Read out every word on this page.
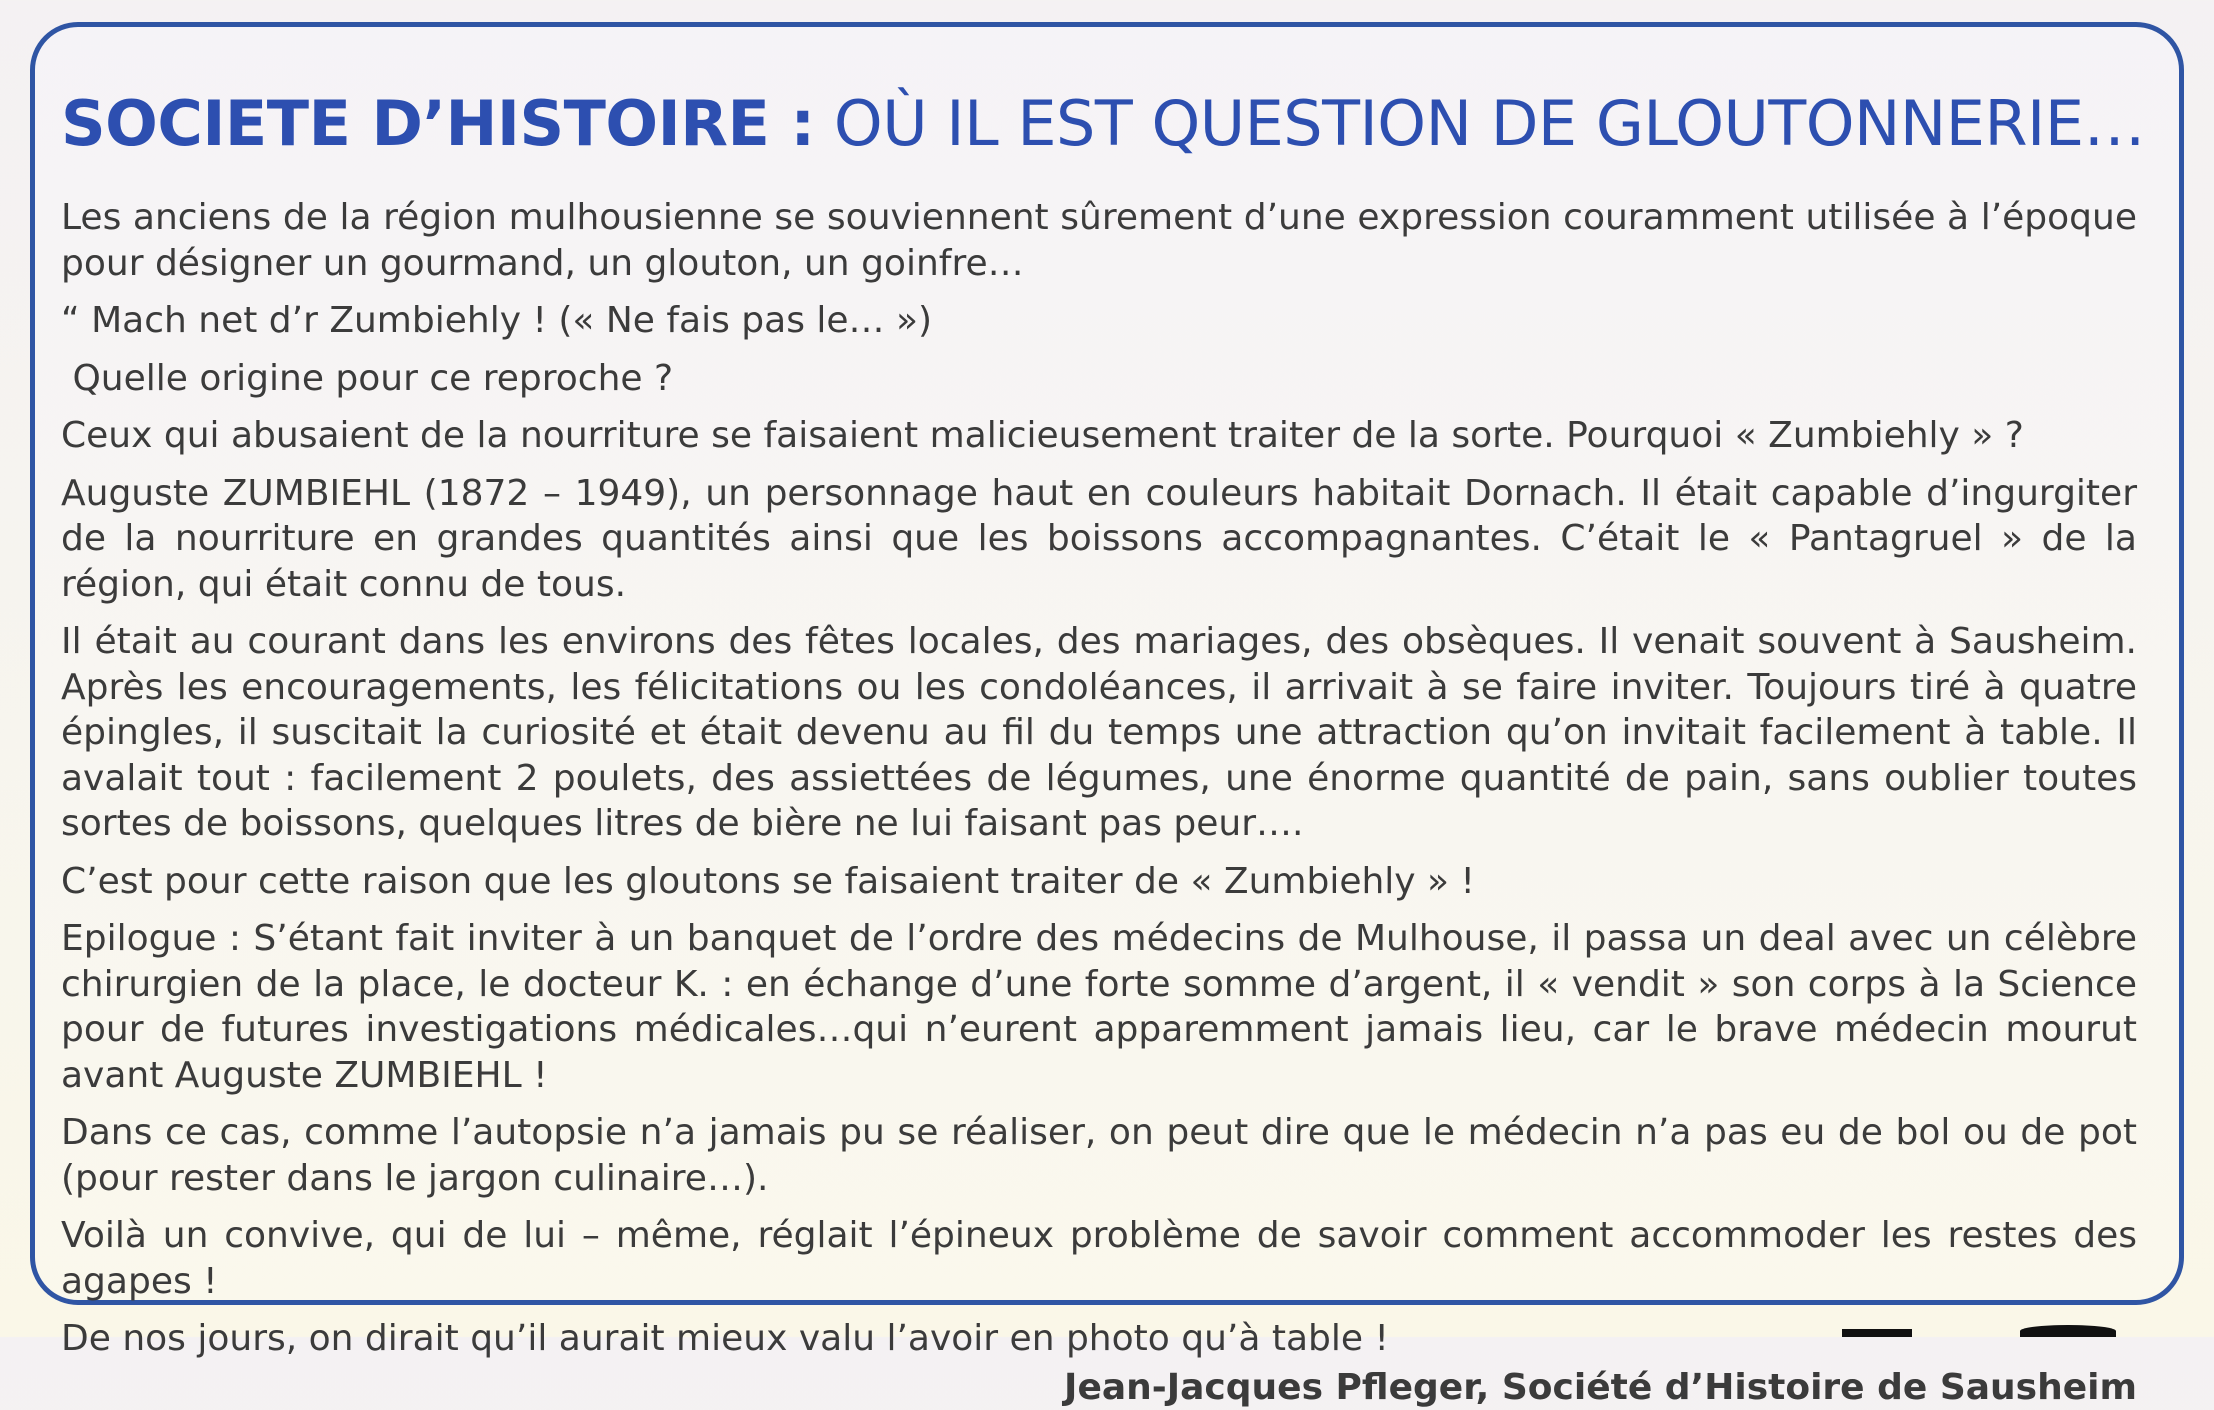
SOCIETE D’HISTOIRE : OÙ IL EST QUESTION DE GLOUTONNERIE…

Les anciens de la région mulhousienne se souviennent sûrement d’une expression couramment utilisée à l’époque pour désigner un gourmand, un glouton, un goinfre…

“ Mach net d’r Zumbiehly ! (« Ne fais pas le… »)

Quelle origine pour ce reproche ?

Ceux qui abusaient de la nourriture se faisaient malicieusement traiter de la sorte. Pourquoi « Zumbiehly » ?

Auguste ZUMBIEHL (1872 – 1949), un personnage haut en couleurs habitait Dornach. Il était capable d’ingurgiter de la nourriture en grandes quantités ainsi que les boissons accompagnantes. C’était le « Pantagruel » de la région, qui était connu de tous.

Il était au courant dans les environs des fêtes locales, des mariages, des obsèques. Il venait souvent à Sausheim. Après les encouragements, les félicitations ou les condoléances, il arrivait à se faire inviter. Toujours tiré à quatre épingles, il suscitait la curiosité et était devenu au fil du temps une attraction qu’on invitait facilement à table. Il avalait tout : facilement 2 poulets, des assiettées de légumes, une énorme quantité de pain, sans oublier toutes sortes de boissons, quelques litres de bière ne lui faisant pas peur….

C’est pour cette raison que les gloutons se faisaient traiter de « Zumbiehly » !

Epilogue : S’étant fait inviter à un banquet de l’ordre des médecins de Mulhouse, il passa un deal avec un célèbre chirurgien de la place, le docteur K. : en échange d’une forte somme d’argent, il « vendit » son corps à la Science pour de futures investigations médicales…qui n’eurent apparemment jamais lieu, car le brave médecin mourut avant Auguste ZUMBIEHL !

Dans ce cas, comme l’autopsie n’a jamais pu se réaliser, on peut dire que le médecin n’a pas eu de bol ou de pot (pour rester dans le jargon culinaire…).

Voilà un convive, qui de lui – même, réglait l’épineux problème de savoir comment accommoder les restes des agapes !

De nos jours, on dirait qu’il aurait mieux valu l’avoir en photo qu’à table !

Jean-Jacques Pfleger, Société d’Histoire de Sausheim
